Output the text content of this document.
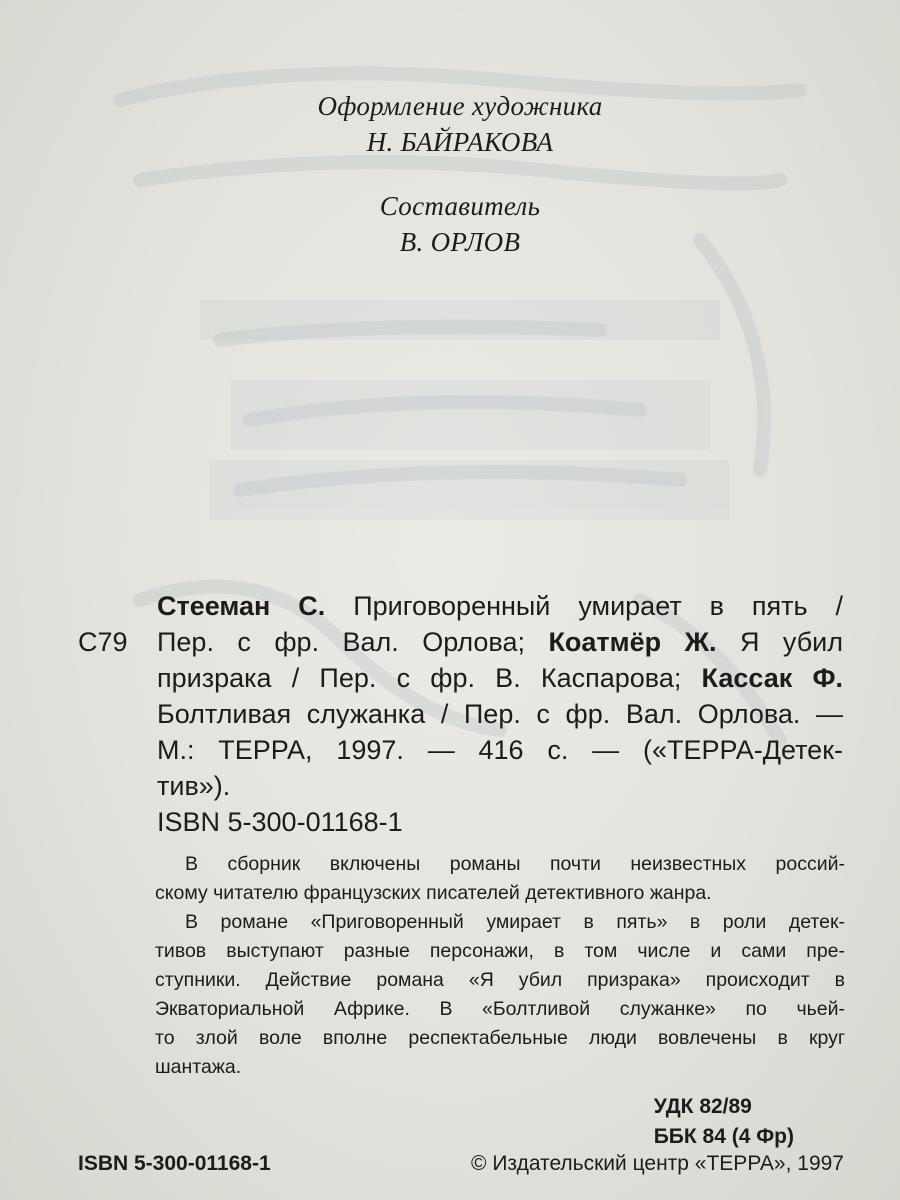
Оформление художника
Н. БАЙРАКОВА
Составитель
В. ОРЛОВ
Стееман С. Приговоренный умирает в пять /
С79 Пер. с фр. Вал. Орлова; Коатмёр Ж. Я убил
призрака / Пер. с фр. В. Каспарова; Кассак Ф.
Болтливая служанка / Пер. с фр. Вал. Орлова. —
М.: ТЕРРА, 1997. — 416 с. — («ТЕРРА-Детек-
тив»).
ISBN 5-300-01168-1

В сборник включены романы почти неизвестных россий-

скому читателю французских писателей детективного жанра.

В романе «Приговоренный умирает в пять» в роли детек-

тивов выступают разные персонажи, в том числе и сами пре-

ступники. Действие романа «Я убил призрака» происходит в

Экваториальной Африке. В «Болтливой служанке» по чьей-

то злой воле вполне респектабельные люди вовлечены в круг

шантажа.

УДК 82/89
ББК 84 (4 Фр)
ISBN 5-300-01168-1	© Издательский центр «ТЕРРА», 1997
